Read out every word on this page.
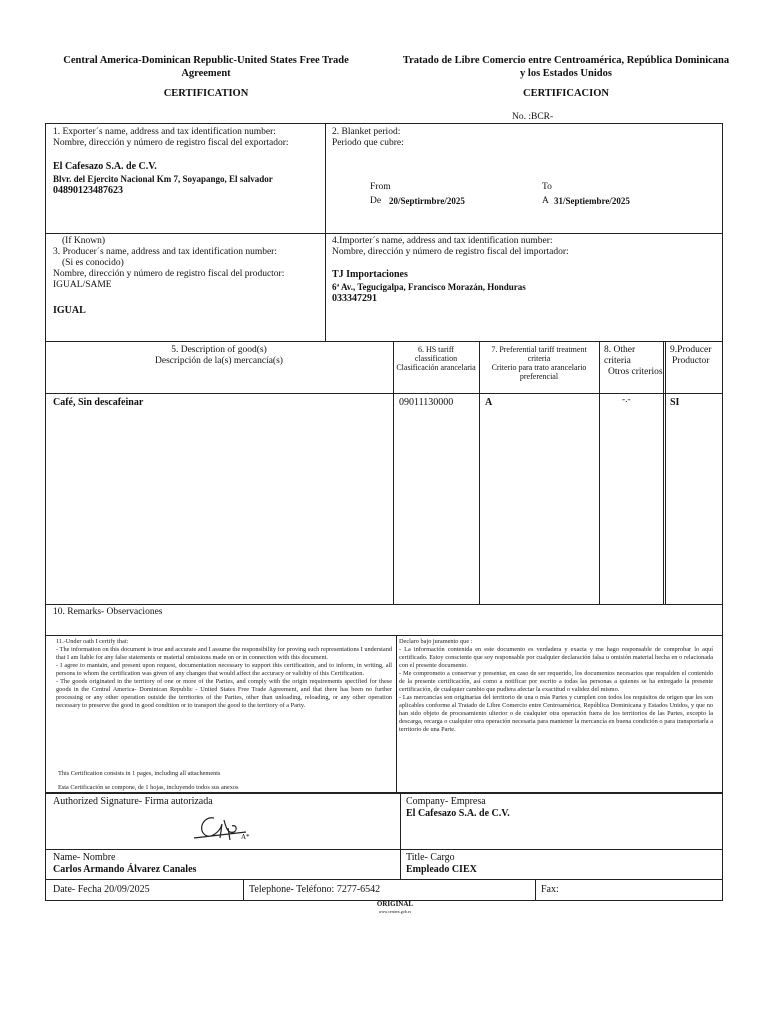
Central America-Dominican Republic-United States Free Trade Agreement
Tratado de Libre Comercio entre Centroamérica, República Dominicana y los Estados Unidos
CERTIFICATION	CERTIFICACION
No. :BCR-
1. Exporter´s name, address and tax identification number:
Nombre, dirección y número de registro fiscal del exportador:
El Cafesazo S.A. de C.V.
Blvr. del Ejercito Nacional Km 7, Soyapango, El salvador
04890123487623
2. Blanket period:
Periodo que cubre:
From
De 20/Septirmbre/2025
To
A 31/Septiembre/2025
(If Known)
3. Producer´s name, address and tax identification number:
(Si es conocido)
Nombre, dirección y número de registro fiscal del productor:
IGUAL/SAME
IGUAL
4.Importer´s name, address and tax identification number:
Nombre, dirección y número de registro fiscal del importador:
TJ Importaciones
6ª Av., Tegucigalpa, Francisco Morazán, Honduras
033347291
5. Description of good(s)
Descripción de la(s) mercancía(s)
6. HS tariff
classification
Clasificación arancelaria
7. Preferential tariff treatment
criteria
Criterio para trato arancelario
preferencial
8. Other
criteria
Otros criterios
9.Producer
Productor
Café, Sin descafeinar	09011130000	A	-.-	SI
10. Remarks- Observaciones
11.-Under oath I certify that:
- The information on this document is true and accurate and I assume the responsibility for proving such representations I understand that I am liable for any false statements or material omissions made on or in connection with this document.
- I agree to mantain, and present upon request, documentation necessary to support this certification, and to inform, in writing, all persons to whom the certification was given of any changes that would affect the accuracy or validity of this Certification.
- The goods originated in the territory of one or more of the Parties, and comply with the origin requirements specified for these goods in the Central America- Dominican Republic - United States Free Trade Agreement, and that there has been no further processing or any other operation outside the territories of the Parties, other than unloading, reloading, or any other operation necessary to preserve the good in good condition or to transport the good to the territory of a Party.
This Certification consists in 1 pages, including all attachements
Esta Certificación se compone, de 1 hojas, incluyendo todos sus anexos
Declaro bajo juramento que :
- La información contenida en este documento es verdadera y exacta y me hago responsable de comprobar lo aquí certificado. Estoy consciente que soy responsable por cualquier declaración falsa u omisión material hecha en o relacionada con el presente documento.
- Me comprometo a conservar y presentar, en caso de ser requerido, los documentos necesarios que respalden el contenido de la presente certificación, así como a notificar por escrito a todas las personas a quienes se ha entregado la presente certificación, de cualquier cambio que pudiera afectar la exactitud o validez del mismo.
- Las mercancías son originarias del territorio de una o más Partes y cumplen con todos los requisitos de origen que les son aplicables conforme al Tratado de Libre Comercio entre Centroamérica, República Dominicana y Estados Unidos, y que no han sido objeto de procesamiento ulterior o de cualquier otra operación fuera de los territorios de las Partes, excepto la descarga, recarga o cualquier otra operación necesaria para mantener la mercancía en buena condición o para transportarla a territorio de una Parte.
Authorized Signature- Firma autorizada
A*
Company- Empresa
El Cafesazo S.A. de C.V.
Name- Nombre
Carlos Armando Álvarez Canales
Title- Cargo
Empleado CIEX
Date- Fecha 20/09/2025	Telephone- Teléfono: 7277-6542	Fax:
ORIGINAL
www.centrex.gob.sv
